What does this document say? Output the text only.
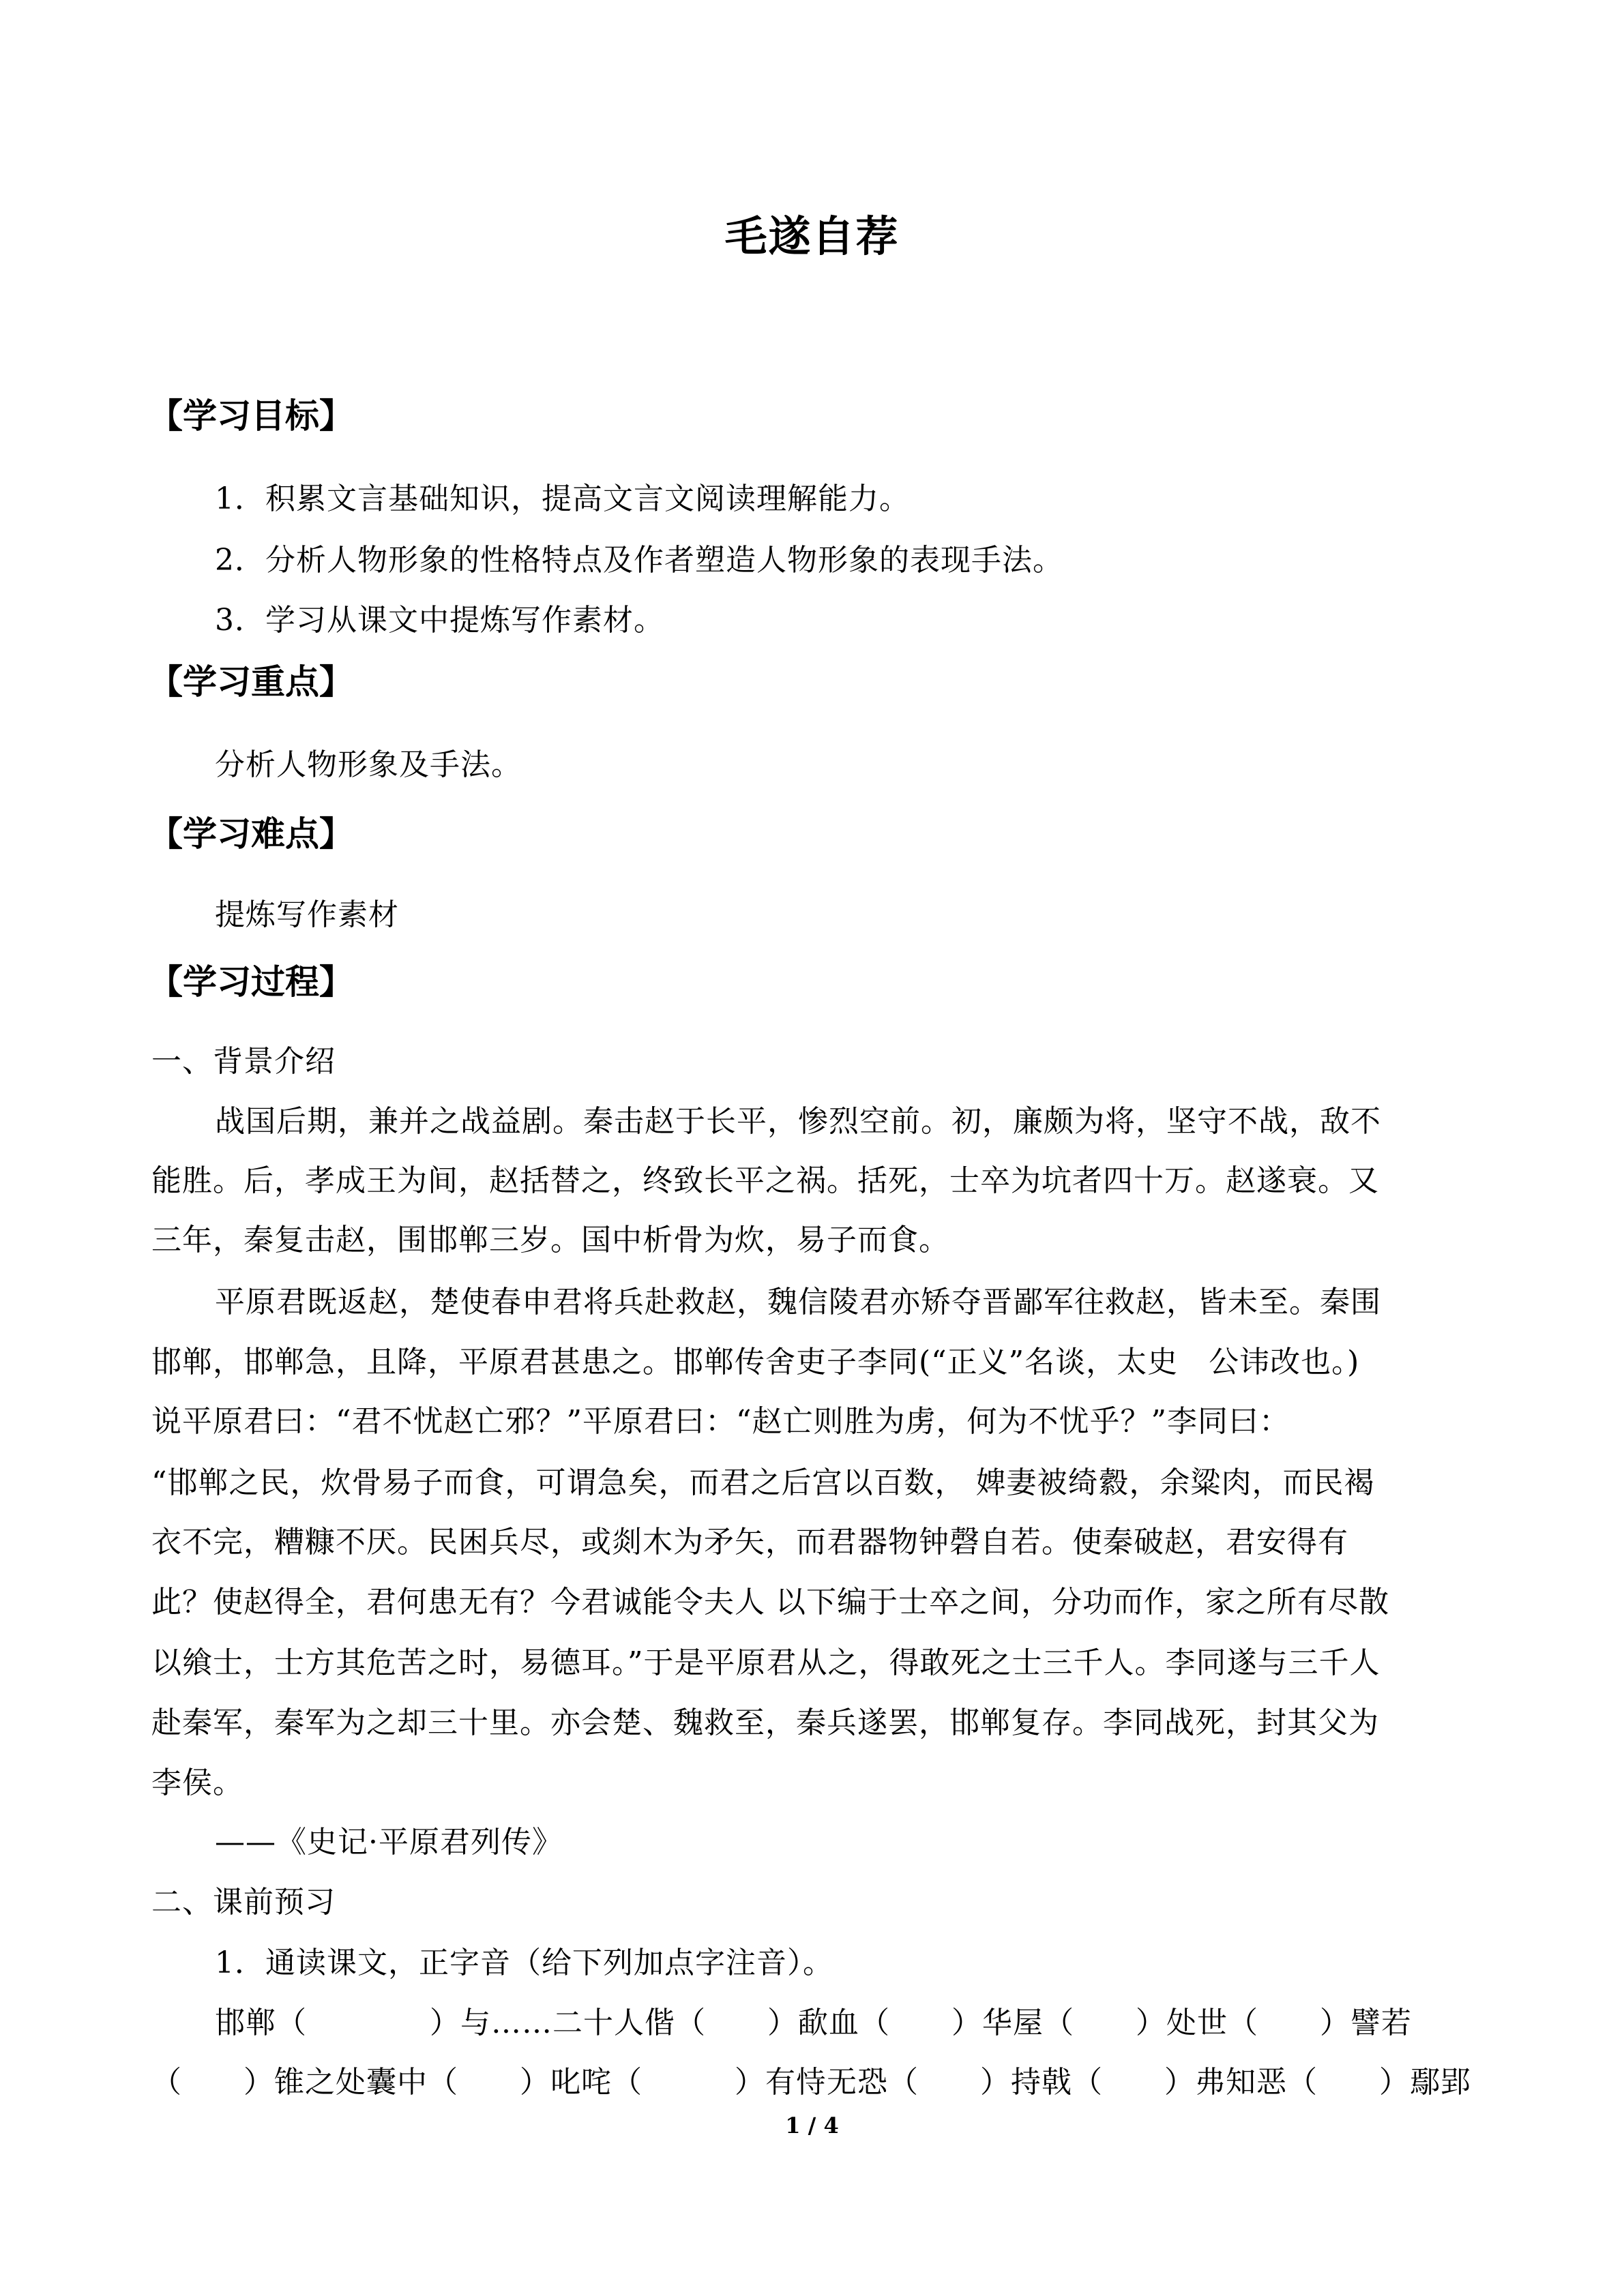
毛遂自荐
【学习目标】
1．积累文言基础知识，提高文言文阅读理解能力。
2．分析人物形象的性格特点及作者塑造人物形象的表现手法。
3．学习从课文中提炼写作素材。
【学习重点】
分析人物形象及手法。
【学习难点】
提炼写作素材
【学习过程】
一、背景介绍
战国后期，兼并之战益剧。秦击赵于长平，惨烈空前。初，廉颇为将，坚守不战，敌不
能胜。后，孝成王为间，赵括替之，终致长平之祸。括死，士卒为坑者四十万。赵遂衰。又
三年，秦复击赵，围邯郸三岁。国中析骨为炊，易子而食。
平原君既返赵，楚使春申君将兵赴救赵，魏信陵君亦矫夺晋鄙军往救赵，皆未至。秦围
邯郸，邯郸急，且降，平原君甚患之。邯郸传舍吏子李同(“正义”名谈，太史　公讳改也。)
说平原君曰：“君不忧赵亡邪？”平原君曰：“赵亡则胜为虏，何为不忧乎？”李同曰：
“邯郸之民，炊骨易子而食，可谓急矣，而君之后宫以百数， 婢妻被绮縠，余粱肉，而民褐
衣不完，糟糠不厌。民困兵尽，或剡木为矛矢，而君器物钟磬自若。使秦破赵，君安得有
此？使赵得全，君何患无有？今君诚能令夫人 以下编于士卒之间，分功而作，家之所有尽散
以飨士，士方其危苦之时，易德耳。”于是平原君从之，得敢死之士三千人。李同遂与三千人
赴秦军，秦军为之却三十里。亦会楚、魏救至，秦兵遂罢，邯郸复存。李同战死，封其父为
李侯。
——《史记·平原君列传》
二、课前预习
1．通读课文，正字音（给下列加点字注音）。
邯郸（　　　　）与……二十人偕（　　）歃血（　　）华屋（　　）处世（　　）譬若
（　　）锥之处囊中（　　）叱咤（　　　）有恃无恐（　　）持戟（　　）弗知恶（　　）鄢郢
1 / 4
